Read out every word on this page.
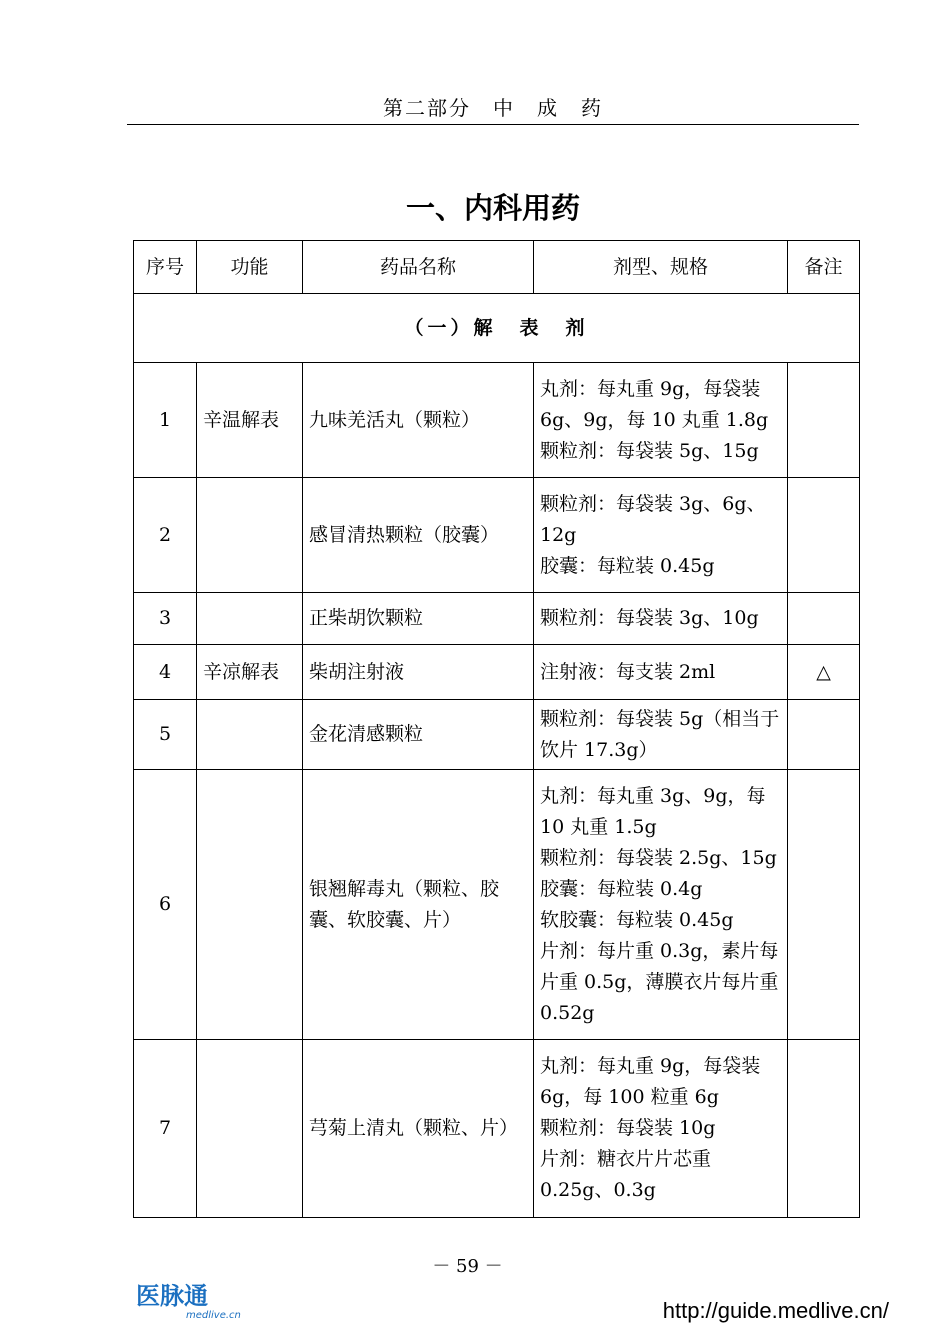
第二部分　中　成　药
一、内科用药
序号	功能	药品名称	剂型、规格	备注
（一）解　表　剂				
1	辛温解表	九味羌活丸（颗粒）	丸剂：每丸重 9g，每袋装 6g、9g，每 10 丸重 1.8g
颗粒剂：每袋装 5g、15g	

2		感冒清热颗粒（胶囊）	颗粒剂：每袋装 3g、6g、12g
胶囊：每粒装 0.45g	

3		正柴胡饮颗粒	颗粒剂：每袋装 3g、10g	

4	辛凉解表	柴胡注射液	注射液：每支装 2ml	△
5		金花清感颗粒	颗粒剂：每袋装 5g（相当于饮片 17.3g）	

6		银翘解毒丸（颗粒、胶囊、软胶囊、片）	丸剂：每丸重 3g、9g，每 10 丸重 1.5g
颗粒剂：每袋装 2.5g、15g
胶囊：每粒装 0.4g
软胶囊：每粒装 0.45g
片剂：每片重 0.3g，素片每片重 0.5g，薄膜衣片每片重 0.52g	

7		芎菊上清丸（颗粒、片）	丸剂：每丸重 9g，每袋装 6g，每 100 粒重 6g
颗粒剂：每袋装 10g
片剂：糖衣片片芯重 0.25g、0.3g	

－ 59 －
医脉通
medlive.cn	http://guide.medlive.cn/
